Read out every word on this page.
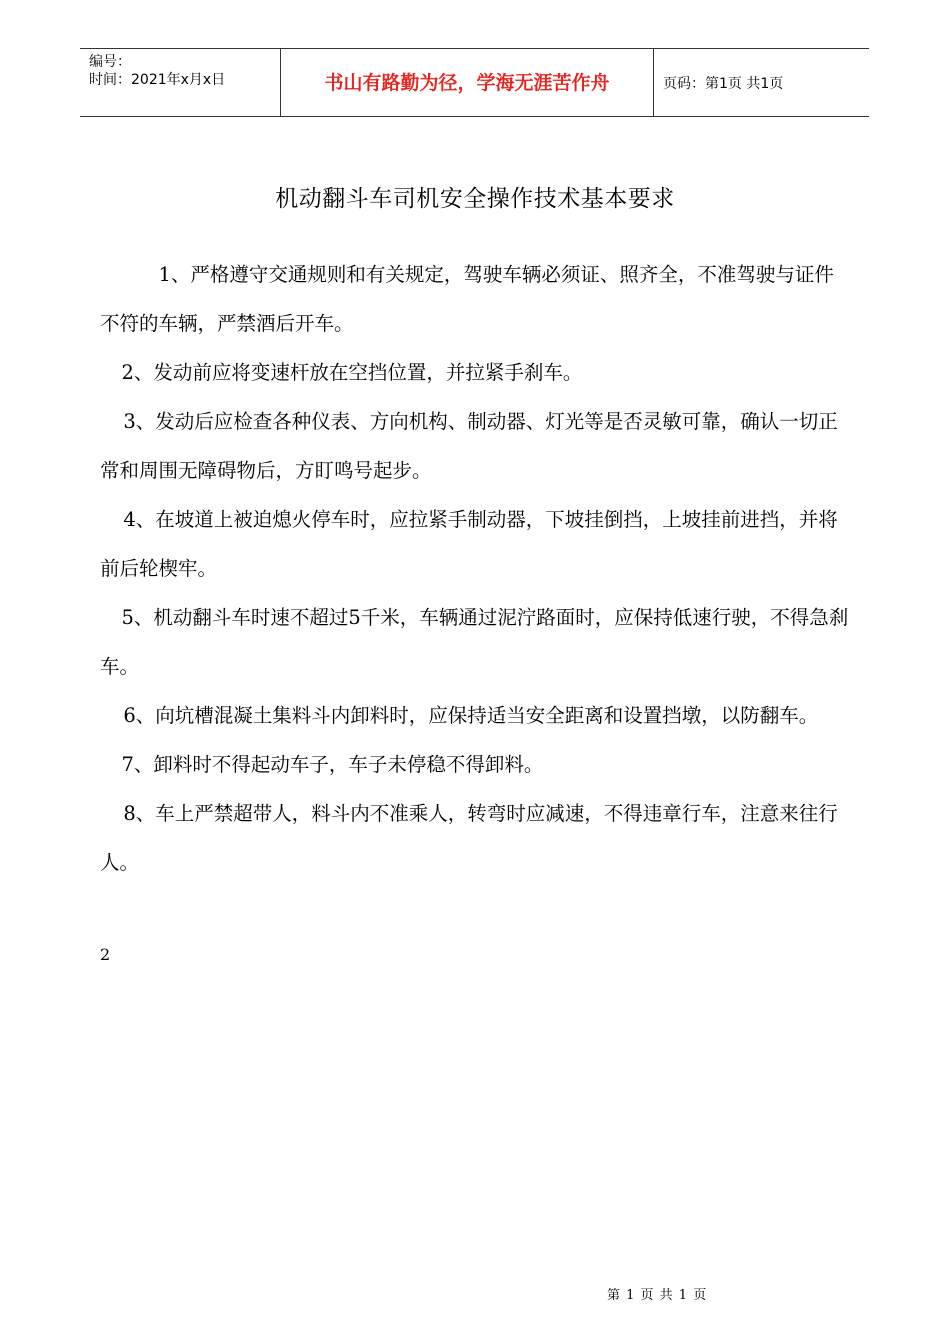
编号：
时间：2021年x月x日	书山有路勤为径，学海无涯苦作舟	页码：第1页 共1页
机动翻斗车司机安全操作技术基本要求

1、严格遵守交通规则和有关规定，驾驶车辆必须证、照齐全，不准驾驶与证件不符的车辆，严禁酒后开车。

2、发动前应将变速杆放在空挡位置，并拉紧手刹车。

3、发动后应检查各种仪表、方向机构、制动器、灯光等是否灵敏可靠，确认一切正常和周围无障碍物后，方盯鸣号起步。

4、在坡道上被迫熄火停车时，应拉紧手制动器，下坡挂倒挡，上坡挂前进挡，并将前后轮楔牢。

5、机动翻斗车时速不超过5千米，车辆通过泥泞路面时，应保持低速行驶，不得急刹车。

6、向坑槽混凝土集料斗内卸料时，应保持适当安全距离和设置挡墩，以防翻车。

7、卸料时不得起动车子，车子未停稳不得卸料。

8、车上严禁超带人，料斗内不准乘人，转弯时应减速，不得违章行车，注意来往行人。

2
第 1 页 共 1 页
